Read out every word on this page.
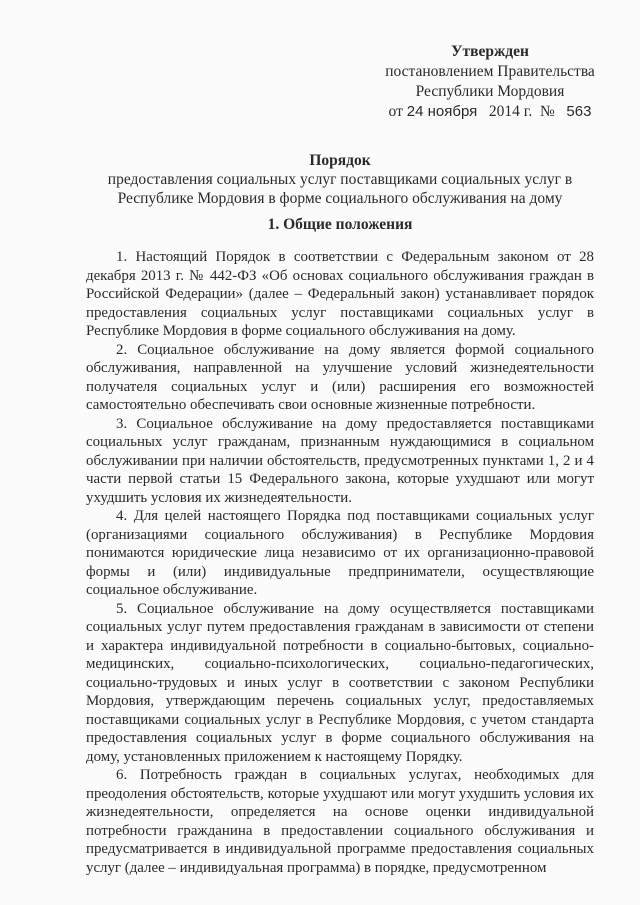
Утвержден
постановлением Правительства
Республики Мордовия
от 24 ноября 2014 г. № 563
Порядок
предоставления социальных услуг поставщиками социальных услуг в
Республике Мордовия в форме социального обслуживания на дому
1. Общие положения

1. Настоящий Порядок в соответствии с Федеральным законом от 28 декабря 2013 г. № 442-ФЗ «Об основах социального обслуживания граждан в Российской Федерации» (далее – Федеральный закон) устанавливает порядок предоставления социальных услуг поставщиками социальных услуг в Республике Мордовия в форме социального обслуживания на дому.

2. Социальное обслуживание на дому является формой социального обслуживания, направленной на улучшение условий жизнедеятельности получателя социальных услуг и (или) расширения его возможностей самостоятельно обеспечивать свои основные жизненные потребности.

3. Социальное обслуживание на дому предоставляется поставщиками социальных услуг гражданам, признанным нуждающимися в социальном обслуживании при наличии обстоятельств, предусмотренных пунктами 1, 2 и 4 части первой статьи 15 Федерального закона, которые ухудшают или могут ухудшить условия их жизнедеятельности.

4. Для целей настоящего Порядка под поставщиками социальных услуг (организациями социального обслуживания) в Республике Мордовия понимаются юридические лица независимо от их организационно-правовой формы и (или) индивидуальные предприниматели, осуществляющие социальное обслуживание.

5. Социальное обслуживание на дому осуществляется поставщиками социальных услуг путем предоставления гражданам в зависимости от степени и характера индивидуальной потребности в социально-бытовых, социально-медицинских, социально-психологических, социально-педагогических, социально-трудовых и иных услуг в соответствии с законом Республики Мордовия, утверждающим перечень социальных услуг, предоставляемых поставщиками социальных услуг в Республике Мордовия, с учетом стандарта предоставления социальных услуг в форме социального обслуживания на дому, установленных приложением к настоящему Порядку.

6. Потребность граждан в социальных услугах, необходимых для преодоления обстоятельств, которые ухудшают или могут ухудшить условия их жизнедеятельности, определяется на основе оценки индивидуальной потребности гражданина в предоставлении социального обслуживания и предусматривается в индивидуальной программе предоставления социальных услуг (далее – индивидуальная программа) в порядке, предусмотренном
